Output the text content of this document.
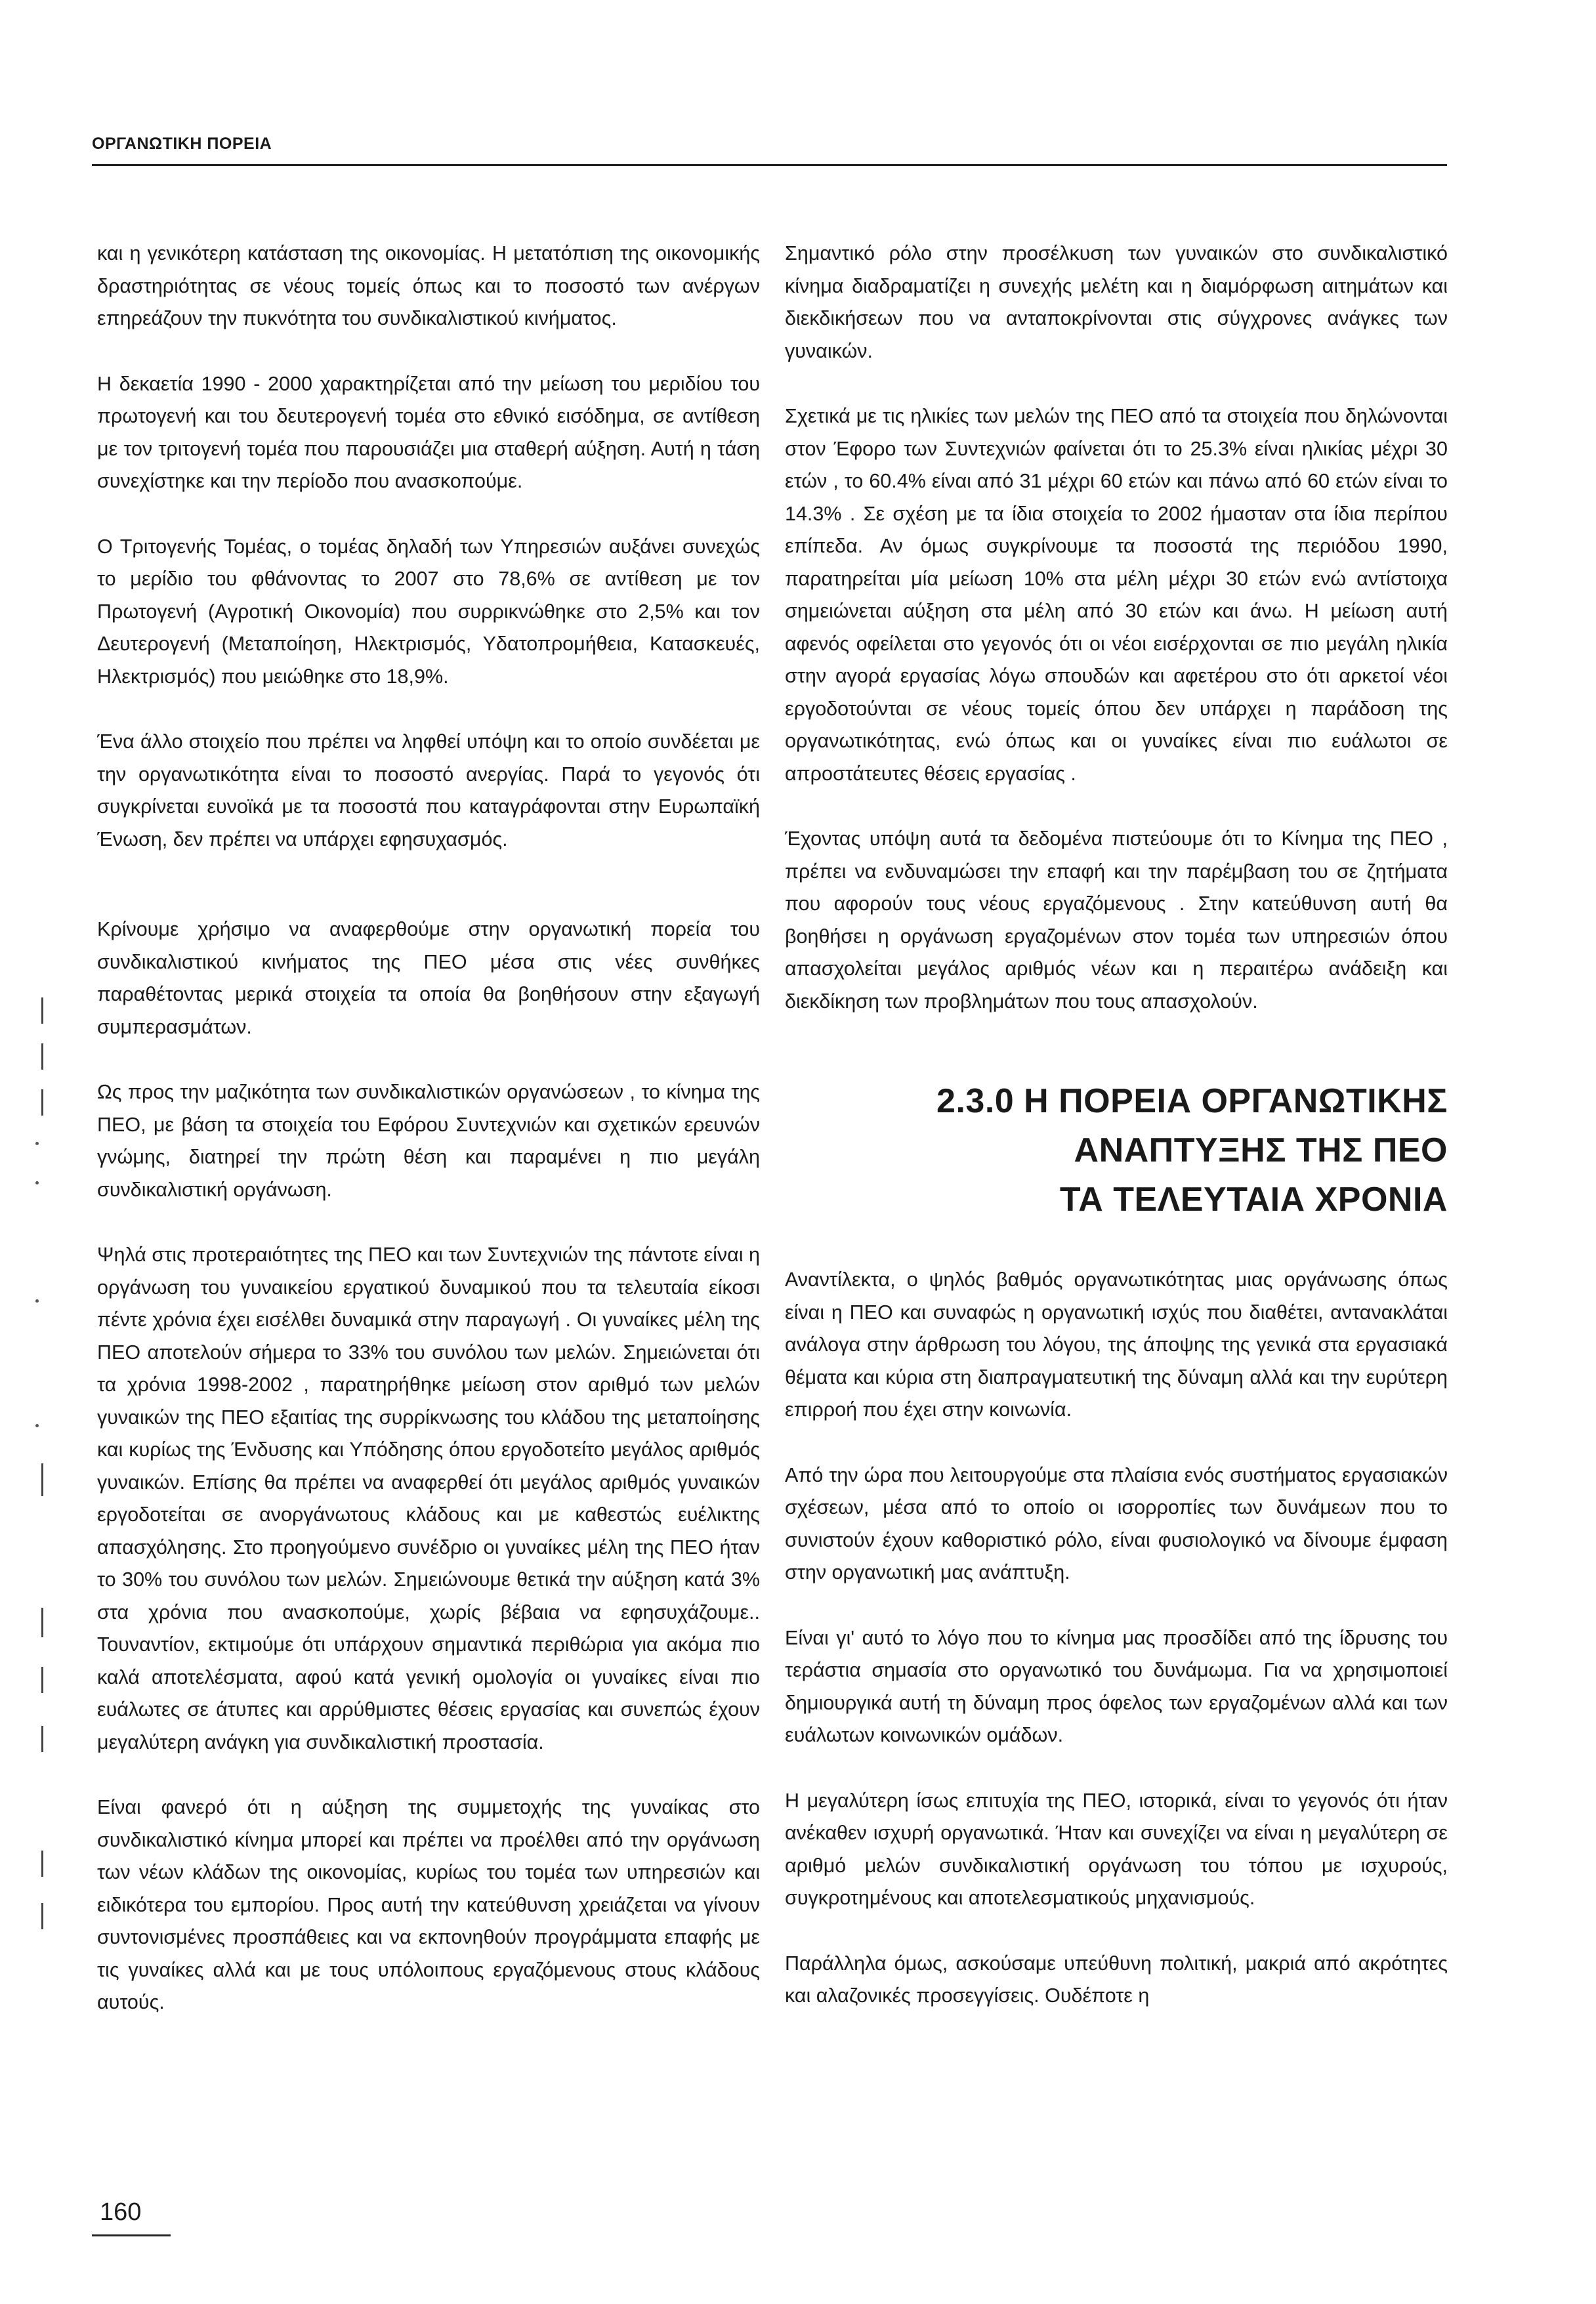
ΟΡΓΑΝΩΤΙΚΗ ΠΟΡΕΙΑ

και η γενικότερη κατάσταση της οικονομίας. Η μετατόπιση της οικονομικής δραστηριότητας σε νέους τομείς όπως και το ποσοστό των ανέργων επηρεάζουν την πυκνότητα του συνδικαλιστικού κινήματος.

Η δεκαετία 1990 - 2000 χαρακτηρίζεται από την μείωση του μεριδίου του πρωτογενή και του δευτερογενή τομέα στο εθνικό εισόδημα, σε αντίθεση με τον τριτογενή τομέα που παρουσιάζει μια σταθερή αύξηση. Αυτή η τάση συνεχίστηκε και την περίοδο που ανασκοπούμε.

Ο Τριτογενής Τομέας, ο τομέας δηλαδή των Υπηρεσιών αυξάνει συνεχώς το μερίδιο του φθάνοντας το 2007 στο 78,6% σε αντίθεση με τον Πρωτογενή (Αγροτική Οικονομία) που συρρικνώθηκε στο 2,5% και τον Δευτερογενή (Μεταποίηση, Ηλεκτρισμός, Υδατοπρομήθεια, Κατασκευές, Ηλεκτρισμός) που μειώθηκε στο 18,9%.

Ένα άλλο στοιχείο που πρέπει να ληφθεί υπόψη και το οποίο συνδέεται με την οργανωτικότητα είναι το ποσοστό ανεργίας. Παρά το γεγονός ότι συγκρίνεται ευνοϊκά με τα ποσοστά που καταγράφονται στην Ευρωπαϊκή Ένωση, δεν πρέπει να υπάρχει εφησυχασμός.

Κρίνουμε χρήσιμο να αναφερθούμε στην οργανωτική πορεία του συνδικαλιστικού κινήματος της ΠΕΟ μέσα στις νέες συνθήκες παραθέτοντας μερικά στοιχεία τα οποία θα βοηθήσουν στην εξαγωγή συμπερασμάτων.

Ως προς την μαζικότητα των συνδικαλιστικών οργανώσεων , το κίνημα της ΠΕΟ, με βάση τα στοιχεία του Εφόρου Συντεχνιών και σχετικών ερευνών γνώμης, διατηρεί την πρώτη θέση και παραμένει η πιο μεγάλη συνδικαλιστική οργάνωση.

Ψηλά στις προτεραιότητες της ΠΕΟ και των Συντεχνιών της πάντοτε είναι η οργάνωση του γυναικείου εργατικού δυναμικού που τα τελευταία είκοσι πέντε χρόνια έχει εισέλθει δυναμικά στην παραγωγή . Οι γυναίκες μέλη της ΠΕΟ αποτελούν σήμερα το 33% του συνόλου των μελών. Σημειώνεται ότι τα χρόνια 1998-2002 , παρατηρήθηκε μείωση στον αριθμό των μελών γυναικών της ΠΕΟ εξαιτίας της συρρίκνωσης του κλάδου της μεταποίησης και κυρίως της Ένδυσης και Υπόδησης όπου εργοδοτείτο μεγάλος αριθμός γυναικών. Επίσης θα πρέπει να αναφερθεί ότι μεγάλος αριθμός γυναικών εργοδοτείται σε ανοργάνωτους κλάδους και με καθεστώς ευέλικτης απασχόλησης. Στο προηγούμενο συνέδριο οι γυναίκες μέλη της ΠΕΟ ήταν το 30% του συνόλου των μελών. Σημειώνουμε θετικά την αύξηση κατά 3% στα χρόνια που ανασκοπούμε, χωρίς βέβαια να εφησυχάζουμε.. Τουναντίον, εκτιμούμε ότι υπάρχουν σημαντικά περιθώρια για ακόμα πιο καλά αποτελέσματα, αφού κατά γενική ομολογία οι γυναίκες είναι πιο ευάλωτες σε άτυπες και αρρύθμιστες θέσεις εργασίας και συνεπώς έχουν μεγαλύτερη ανάγκη για συνδικαλιστική προστασία.

Είναι φανερό ότι η αύξηση της συμμετοχής της γυναίκας στο συνδικαλιστικό κίνημα μπορεί και πρέπει να προέλθει από την οργάνωση των νέων κλάδων της οικονομίας, κυρίως του τομέα των υπηρεσιών και ειδικότερα του εμπορίου. Προς αυτή την κατεύθυνση χρειάζεται να γίνουν συντονισμένες προσπάθειες και να εκπονηθούν προγράμματα επαφής με τις γυναίκες αλλά και με τους υπόλοιπους εργαζόμενους στους κλάδους αυτούς.

Σημαντικό ρόλο στην προσέλκυση των γυναικών στο συνδικαλιστικό κίνημα διαδραματίζει η συνεχής μελέτη και η διαμόρφωση αιτημάτων και διεκδικήσεων που να ανταποκρίνονται στις σύγχρονες ανάγκες των γυναικών.

Σχετικά με τις ηλικίες των μελών της ΠΕΟ από τα στοιχεία που δηλώνονται στον Έφορο των Συντεχνιών φαίνεται ότι το 25.3% είναι ηλικίας μέχρι 30 ετών , το 60.4% είναι από 31 μέχρι 60 ετών και πάνω από 60 ετών είναι το 14.3% . Σε σχέση με τα ίδια στοιχεία το 2002 ήμασταν στα ίδια περίπου επίπεδα. Αν όμως συγκρίνουμε τα ποσοστά της περιόδου 1990, παρατηρείται μία μείωση 10% στα μέλη μέχρι 30 ετών ενώ αντίστοιχα σημειώνεται αύξηση στα μέλη από 30 ετών και άνω. Η μείωση αυτή αφενός οφείλεται στο γεγονός ότι οι νέοι εισέρχονται σε πιο μεγάλη ηλικία στην αγορά εργασίας λόγω σπουδών και αφετέρου στο ότι αρκετοί νέοι εργοδοτούνται σε νέους τομείς όπου δεν υπάρχει η παράδοση της οργανωτικότητας, ενώ όπως και οι γυναίκες είναι πιο ευάλωτοι σε απροστάτευτες θέσεις εργασίας .

Έχοντας υπόψη αυτά τα δεδομένα πιστεύουμε ότι το Κίνημα της ΠΕΟ , πρέπει να ενδυναμώσει την επαφή και την παρέμβαση του σε ζητήματα που αφορούν τους νέους εργαζόμενους . Στην κατεύθυνση αυτή θα βοηθήσει η οργάνωση εργαζομένων στον τομέα των υπηρεσιών όπου απασχολείται μεγάλος αριθμός νέων και η περαιτέρω ανάδειξη και διεκδίκηση των προβλημάτων που τους απασχολούν.

2.3.0 Η ΠΟΡΕΙΑ ΟΡΓΑΝΩΤΙΚΗΣ
ΑΝΑΠΤΥΞΗΣ ΤΗΣ ΠΕΟ
ΤΑ ΤΕΛΕΥΤΑΙΑ ΧΡΟΝΙΑ

Αναντίλεκτα, ο ψηλός βαθμός οργανωτικότητας μιας οργάνωσης όπως είναι η ΠΕΟ και συναφώς η οργανωτική ισχύς που διαθέτει, αντανακλάται ανάλογα στην άρθρωση του λόγου, της άποψης της γενικά στα εργασιακά θέματα και κύρια στη διαπραγματευτική της δύναμη αλλά και την ευρύτερη επιρροή που έχει στην κοινωνία.

Από την ώρα που λειτουργούμε στα πλαίσια ενός συστήματος εργασιακών σχέσεων, μέσα από το οποίο οι ισορροπίες των δυνάμεων που το συνιστούν έχουν καθοριστικό ρόλο, είναι φυσιολογικό να δίνουμε έμφαση στην οργανωτική μας ανάπτυξη.

Είναι γι' αυτό το λόγο που το κίνημα μας προσδίδει από της ίδρυσης του τεράστια σημασία στο οργανωτικό του δυνάμωμα. Για να χρησιμοποιεί δημιουργικά αυτή τη δύναμη προς όφελος των εργαζομένων αλλά και των ευάλωτων κοινωνικών ομάδων.

Η μεγαλύτερη ίσως επιτυχία της ΠΕΟ, ιστορικά, είναι το γεγονός ότι ήταν ανέκαθεν ισχυρή οργανωτικά. Ήταν και συνεχίζει να είναι η μεγαλύτερη σε αριθμό μελών συνδικαλιστική οργάνωση του τόπου με ισχυρούς, συγκροτημένους και αποτελεσματικούς μηχανισμούς.

Παράλληλα όμως, ασκούσαμε υπεύθυνη πολιτική, μακριά από ακρότητες και αλαζονικές προσεγγίσεις. Ουδέποτε η

160
